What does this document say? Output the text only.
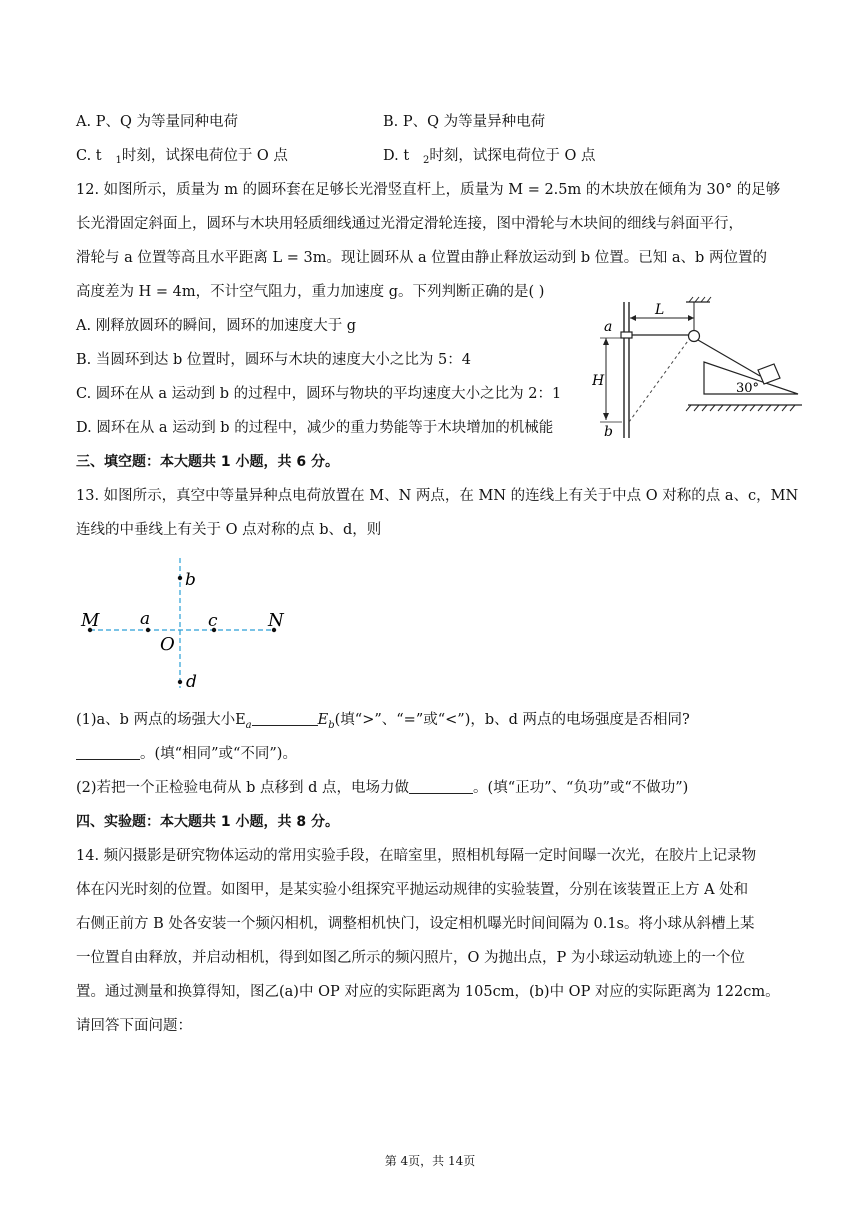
A. P、Q 为等量同种电荷	B. P、Q 为等量异种电荷
C. t $_1$时刻，试探电荷位于 O 点	D. t $_2$时刻，试探电荷位于 O 点
12. 如图所示，质量为 m 的圆环套在足够长光滑竖直杆上，质量为 M = 2.5m 的木块放在倾角为 30° 的足够
长光滑固定斜面上，圆环与木块用轻质细线通过光滑定滑轮连接，图中滑轮与木块间的细线与斜面平行，
滑轮与 a 位置等高且水平距离 L = 3m。现让圆环从 a 位置由静止释放运动到 b 位置。已知 a、b 两位置的
高度差为 H = 4m，不计空气阻力，重力加速度 g。下列判断正确的是( )
A. 刚释放圆环的瞬间，圆环的加速度大于 g
B. 当圆环到达 b 位置时，圆环与木块的速度大小之比为 5：4
C. 圆环在从 a 运动到 b 的过程中，圆环与物块的平均速度大小之比为 2：1
D. 圆环在从 a 运动到 b 的过程中，减少的重力势能等于木块增加的机械能
L
30°
H
a
b
三、填空题：本大题共 1 小题，共 6 分。
13. 如图所示，真空中等量异种点电荷放置在 M、N 两点，在 MN 的连线上有关于中点 O 对称的点 a、c，MN
连线的中垂线上有关于 O 点对称的点 b、d，则
M a	c	N
O
b
d
(1)a、b 两点的场强大小$E_a$	$E_b$(填“>”、“=”或“<”)，b、d 两点的电场强度是否相同?
。(填“相同”或“不同”)。
(2)若把一个正检验电荷从 b 点移到 d 点，电场力做	。(填“正功”、“负功”或“不做功”)
四、实验题：本大题共 1 小题，共 8 分。
14. 频闪摄影是研究物体运动的常用实验手段，在暗室里，照相机每隔一定时间曝一次光，在胶片上记录物
体在闪光时刻的位置。如图甲，是某实验小组探究平抛运动规律的实验装置，分别在该装置正上方 A 处和
右侧正前方 B 处各安装一个频闪相机，调整相机快门，设定相机曝光时间间隔为 0.1s。将小球从斜槽上某
一位置自由释放，并启动相机，得到如图乙所示的频闪照片，O 为抛出点，P 为小球运动轨迹上的一个位
置。通过测量和换算得知，图乙(a)中 OP 对应的实际距离为 105cm，(b)中 OP 对应的实际距离为 122cm。
请回答下面问题：
第 4页，共 14页
